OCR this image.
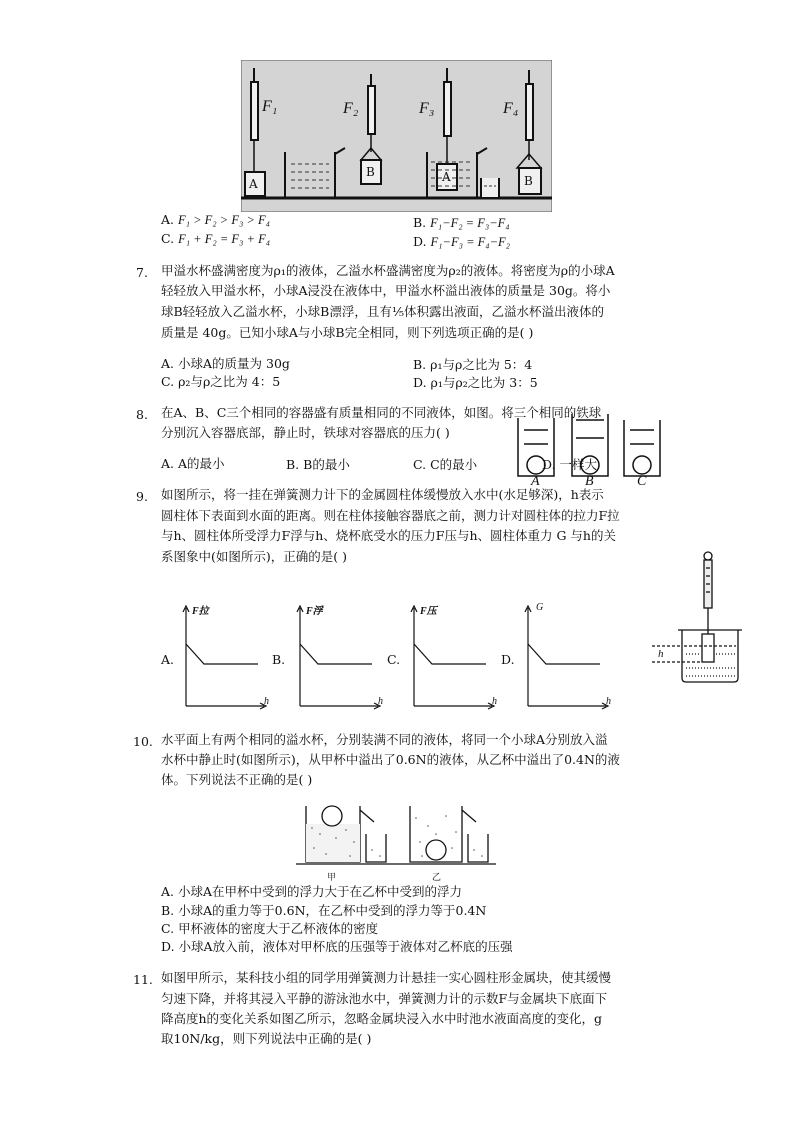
F₁	F₂	F₃	F₄
A
B	A	B
A. F₁ > F₂ > F₃ > F₄	B. F₁−F₂ = F₃−F₄
C. F₁ + F₂ = F₃ + F₄	D. F₁−F₃ = F₄−F₂
7. 甲溢水杯盛满密度为ρ₁的液体，乙溢水杯盛满密度为ρ₂的液体。将密度为ρ的小球A
轻轻放入甲溢水杯，小球A浸没在液体中，甲溢水杯溢出液体的质量是 30g。将小
球B轻轻放入乙溢水杯，小球B漂浮，且有⅕体积露出液面，乙溢水杯溢出液体的
质量是 40g。已知小球A与小球B完全相同，则下列选项正确的是( )
A. 小球A的质量为 30g	B. ρ₁与ρ之比为 5：4
C. ρ₂与ρ之比为 4：5	D. ρ₁与ρ₂之比为 3：5
8. 在A、B、C三个相同的容器盛有质量相同的不同液体，如图。将三个相同的铁球
分别沉入容器底部，静止时，铁球对容器底的压力( )
A. A的最小	B. B的最小	C. C的最小	D. 一样大
A	B	C
9. 如图所示，将一挂在弹簧测力计下的金属圆柱体缓慢放入水中(水足够深)，h表示
圆柱体下表面到水面的距离。则在柱体接触容器底之前，测力计对圆柱体的拉力F拉
与h、圆柱体所受浮力F浮与h、烧杯底受水的压力F压与h、圆柱体重力 G 与h的关
系图象中(如图所示)，正确的是( )
A.
F拉
h
B.
F浮
h
C.
F压
h
D.
G
h
h
10. 水平面上有两个相同的溢水杯，分别装满不同的液体，将同一个小球A分别放入溢
水杯中静止时(如图所示)，从甲杯中溢出了0.6N的液体，从乙杯中溢出了0.4N的液
体。下列说法不正确的是( )
甲	乙
A. 小球A在甲杯中受到的浮力大于在乙杯中受到的浮力
B. 小球A的重力等于0.6N，在乙杯中受到的浮力等于0.4N
C. 甲杯液体的密度大于乙杯液体的密度
D. 小球A放入前，液体对甲杯底的压强等于液体对乙杯底的压强
11. 如图甲所示，某科技小组的同学用弹簧测力计悬挂一实心圆柱形金属块，使其缓慢
匀速下降，并将其浸入平静的游泳池水中，弹簧测力计的示数F与金属块下底面下
降高度h的变化关系如图乙所示，忽略金属块浸入水中时池水液面高度的变化，g
取10N/kg，则下列说法中正确的是( )
